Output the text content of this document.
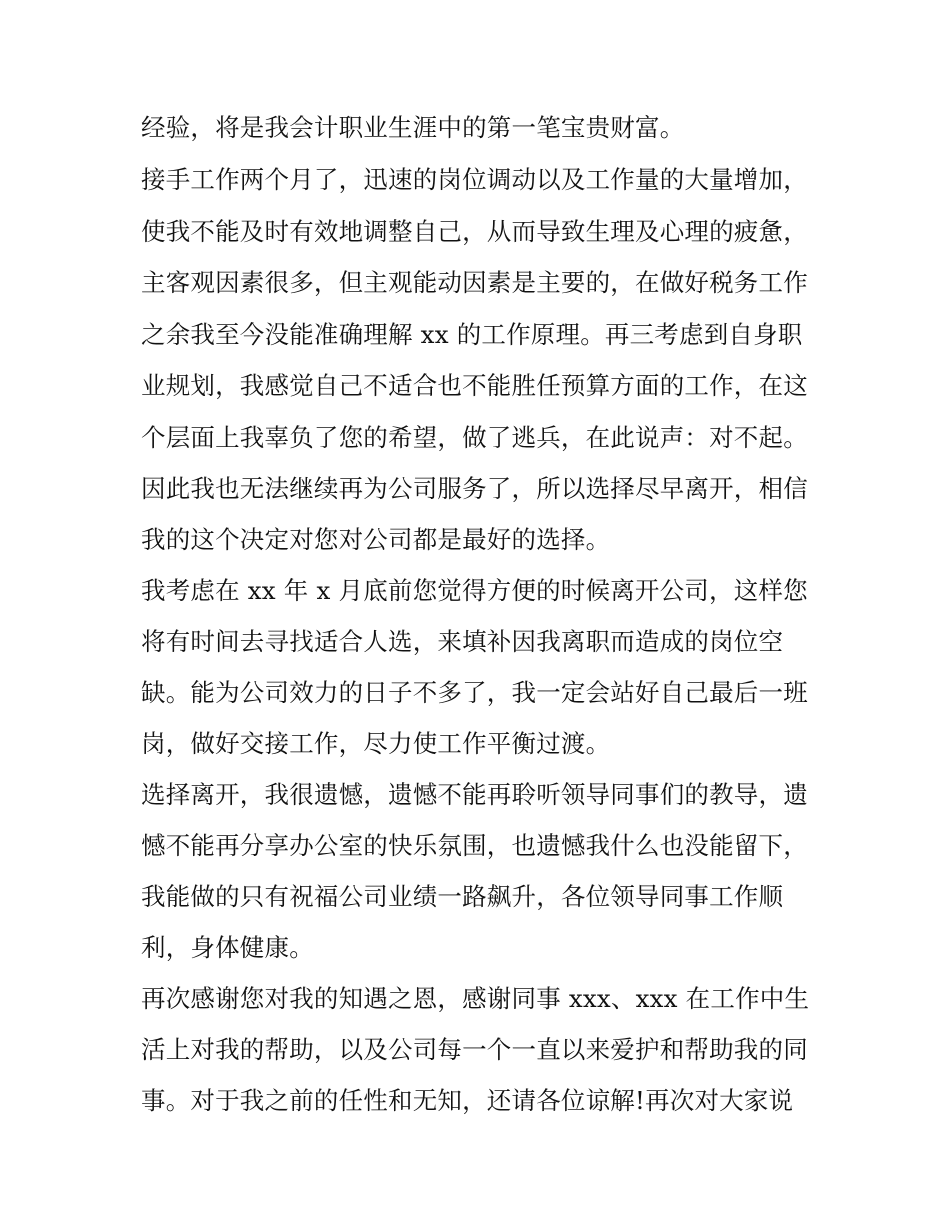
经验，将是我会计职业生涯中的第一笔宝贵财富。
接手工作两个月了，迅速的岗位调动以及工作量的大量增加，
使我不能及时有效地调整自己，从而导致生理及心理的疲惫，
主客观因素很多，但主观能动因素是主要的，在做好税务工作
之余我至今没能准确理解 xx 的工作原理。再三考虑到自身职
业规划，我感觉自己不适合也不能胜任预算方面的工作，在这
个层面上我辜负了您的希望，做了逃兵，在此说声：对不起。
因此我也无法继续再为公司服务了，所以选择尽早离开，相信
我的这个决定对您对公司都是最好的选择。
我考虑在 xx 年 x 月底前您觉得方便的时候离开公司，这样您
将有时间去寻找适合人选，来填补因我离职而造成的岗位空
缺。能为公司效力的日子不多了，我一定会站好自己最后一班
岗，做好交接工作，尽力使工作平衡过渡。
选择离开，我很遗憾，遗憾不能再聆听领导同事们的教导，遗
憾不能再分享办公室的快乐氛围，也遗憾我什么也没能留下，
我能做的只有祝福公司业绩一路飙升，各位领导同事工作顺
利，身体健康。
再次感谢您对我的知遇之恩，感谢同事 xxx、xxx 在工作中生
活上对我的帮助，以及公司每一个一直以来爱护和帮助我的同
事。对于我之前的任性和无知，还请各位谅解!再次对大家说
